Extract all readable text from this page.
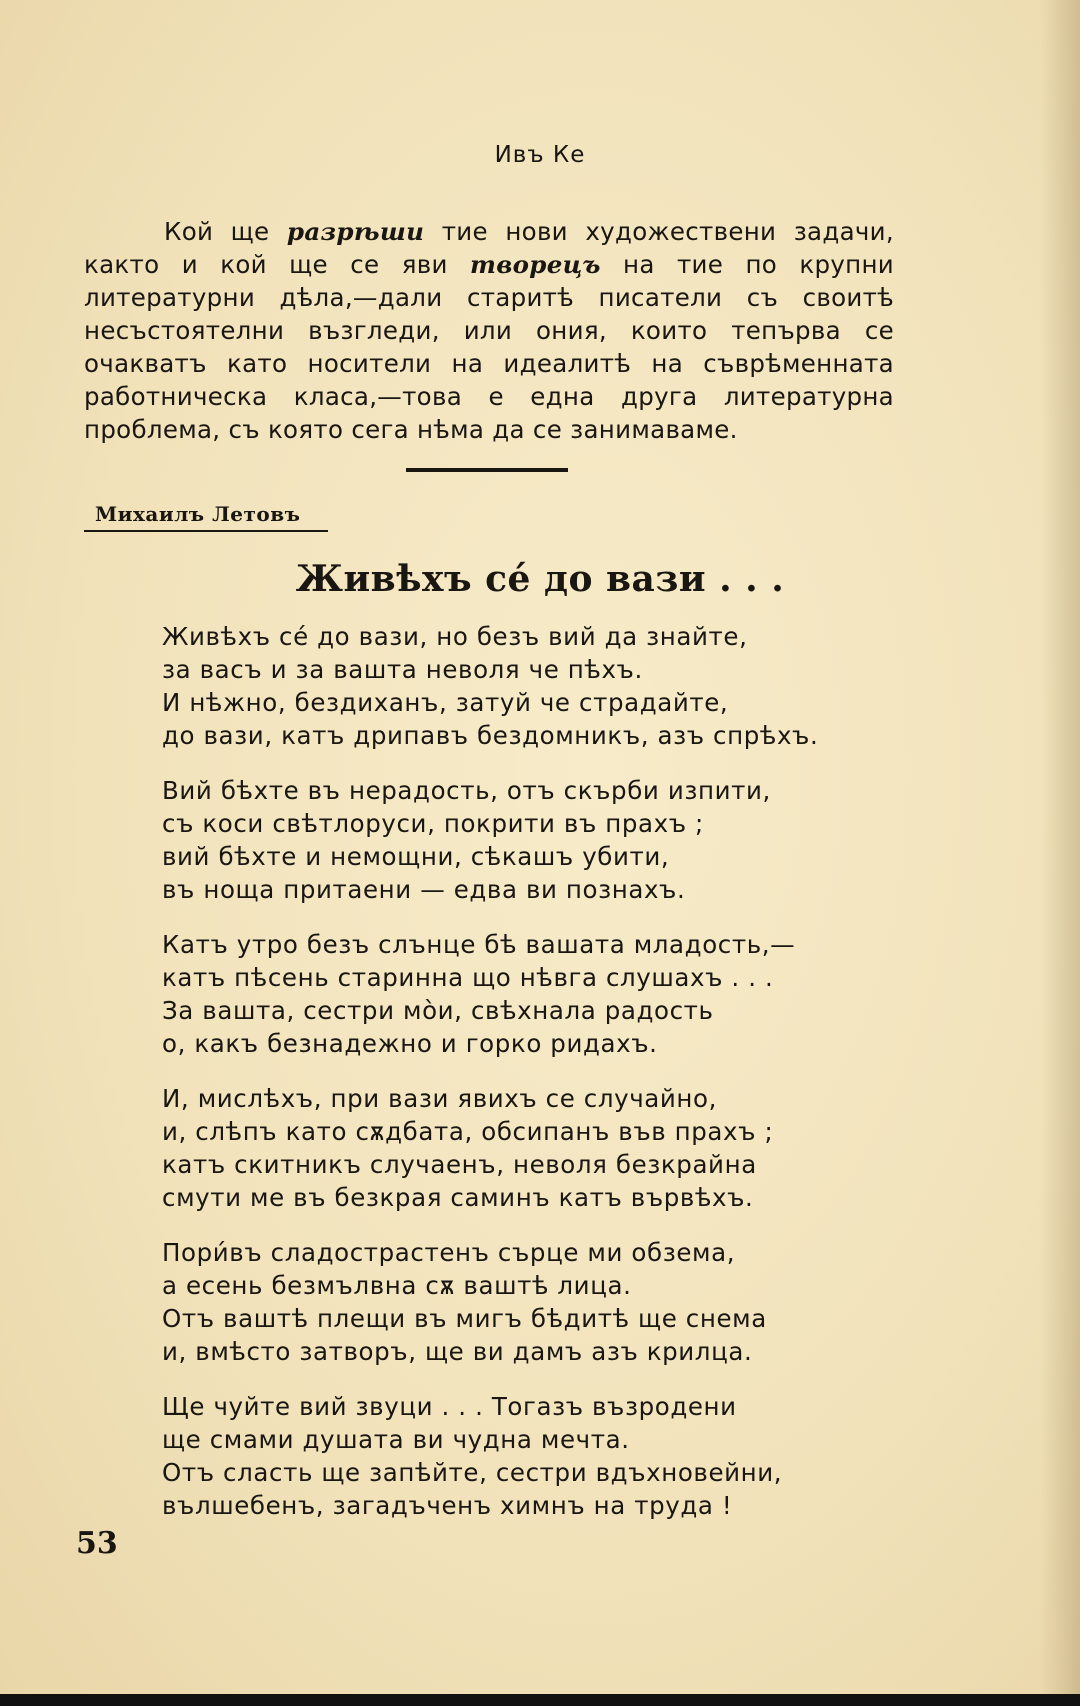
Ивъ Ке

Кой ще разрѣши тие нови художествени задачи, както и кой ще се яви творецъ на тие по крупни литературни дѣла,—дали старитѣ писатели съ своитѣ несъстоятелни възгледи, или ония, които тепърва се очакватъ като носители на идеалитѣ на съврѣменната работническа класа,—това е една друга литературна проблема, съ която сега нѣма да се занимаваме.

Михаилъ Летовъ
Живѣхъ се́ до вази . . .
Живѣхъ се́ до вази, но безъ вий да знайте,
за васъ и за вашта неволя че пѣхъ.
И нѣжно, бездиханъ, затуй че страдайте,
до вази, катъ дрипавъ бездомникъ, азъ спрѣхъ.
Вий бѣхте въ нерадость, отъ скърби изпити,
съ коси свѣтлоруси, покрити въ прахъ ;
вий бѣхте и немощни, сѣкашъ убити,
въ нoща притаени — едва ви познахъ.
Катъ утро безъ слънце бѣ вашата младость,—
катъ пѣсень старинна що нѣвга слушахъ . . .
За вашта, сестри мо̀и, свѣхнала радость
о, какъ безнадежно и горко ридахъ.
И, мислѣхъ, при вази явихъ се случайно,
и, слѣпъ като сѫдбата, обсипанъ във прахъ ;
катъ скитникъ случаенъ, неволя безкрайна
смути ме въ безкрая саминъ катъ вървѣхъ.
Пори́въ сладострастенъ сърце ми обзема,
а есень безмълвна сѫ ваштѣ лица.
Отъ ваштѣ плещи въ мигъ бѣдитѣ ще снема
и, вмѣсто затворъ, ще ви дамъ азъ крилца.
Ще чуйте вий звуци . . . Тогазъ възродени
ще смами душата ви чудна мечта.
Отъ сласть ще запѣйте, сестри вдъхновейни,
вълшебенъ, загадъченъ химнъ на труда !
53
